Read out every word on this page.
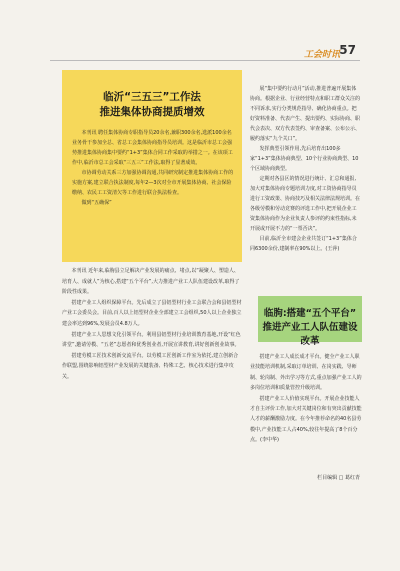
工会时讯 57
临沂“三五三”工作法
推进集体协商提质增效

本刊讯 聘任集体协商专职指导员20余名,兼职300余名,选派100余名业务骨干参加全总、省总工会集体协商指导员培训。这是临沂市总工会强势推进集体协商集中要约“1+3”集体合同工作采取的举措之一。在该项工作中,临沂市总工会采取“三五三”工作法,取得了显著成效。

市协调劳动关系三方加强协调沟通,共同研究制定推进集体协商工作的实施方案,建立联合执法制度,每年2—3次对全市开展集体协商、社会保险缴纳、农民工工资清欠等工作进行联合执法检查。

做到“五确保”

展“集中要约行动月”活动,推进普遍开展集体协商。根据企业、行业经营特点和职工群众关注的不同诉求,实行分类规范指导、确化协商重点。把好资料准备、代表产生、提出要约、实际协商、职代会表决、双方代表签约、审查备案、公布公示、履约落实“九个关口”。

发挥典型引领作用,先后培育出100多家“1+3”集体协商典型、10个行业协商典型、10个区域协商典型。

定期对各县区的情况进行统计、汇总和通报,加大对集体协商专题培训力度,对工资协商指导员进行工资政策、协商技巧及相关法律法规培训。在各级劳模和劳动竞赛的评选工作中,把开展企业工资集体协商作为企业负责人参评的约束性指标,未开展或开展不力的“一票否决”。

目前,临沂全市建会企业共签订“1+3”集体合同6300余份,建制率在90%以上。(王萍)

临朐:搭建“五个平台”
推进产业工人队伍建设改革

本刊讯 近年来,临朐县立足解决产业发展的痛点、堵点,以“凝聚人、塑造人、培育人、成就人”为核心,搭建“五个平台”,大力推进产业工人队伍建设改革,取得了阶段性成果。

搭建产业工人组织保障平台。先后成立了县铝型材行业工会联合会和县铝型材产业工会委员会。目前,百人以上铝型材企业全部建立工会组织,50人以上企业独立建会率达到96%,发展会员4.8万人。

搭建产业工人思想文化引领平台。利用县铝型材行业培训教育基地,开设“红色讲堂”,邀请劳模、“五老”志愿者和优秀创业者,开展宣讲教育,讲好创新创业故事。

搭建劳模工匠技术创新交流平台。以劳模工匠创新工作室为依托,建立创新合作联盟,围绕影响铝型材产业发展的关键装备、特殊工艺、核心技术进行集中攻关。

搭建产业工人成长成才平台。健全产业工人职业技能培训机制,采取订单培训、在岗实践、导师制、轮岗制、外出学习等方式,重点加强产业工人的多岗位培训和质量管控升级培训。

搭建产业工人价值实现平台。开展企业技能人才自主评价工作,加大对关键岗位和有突出贡献技能人才的薪酬激励力度。在今年推荐命名的40名县劳模中,产业技能工人占40%,较往年提高了8个百分点。(李中华)

栏目编辑 □ 葛红青
